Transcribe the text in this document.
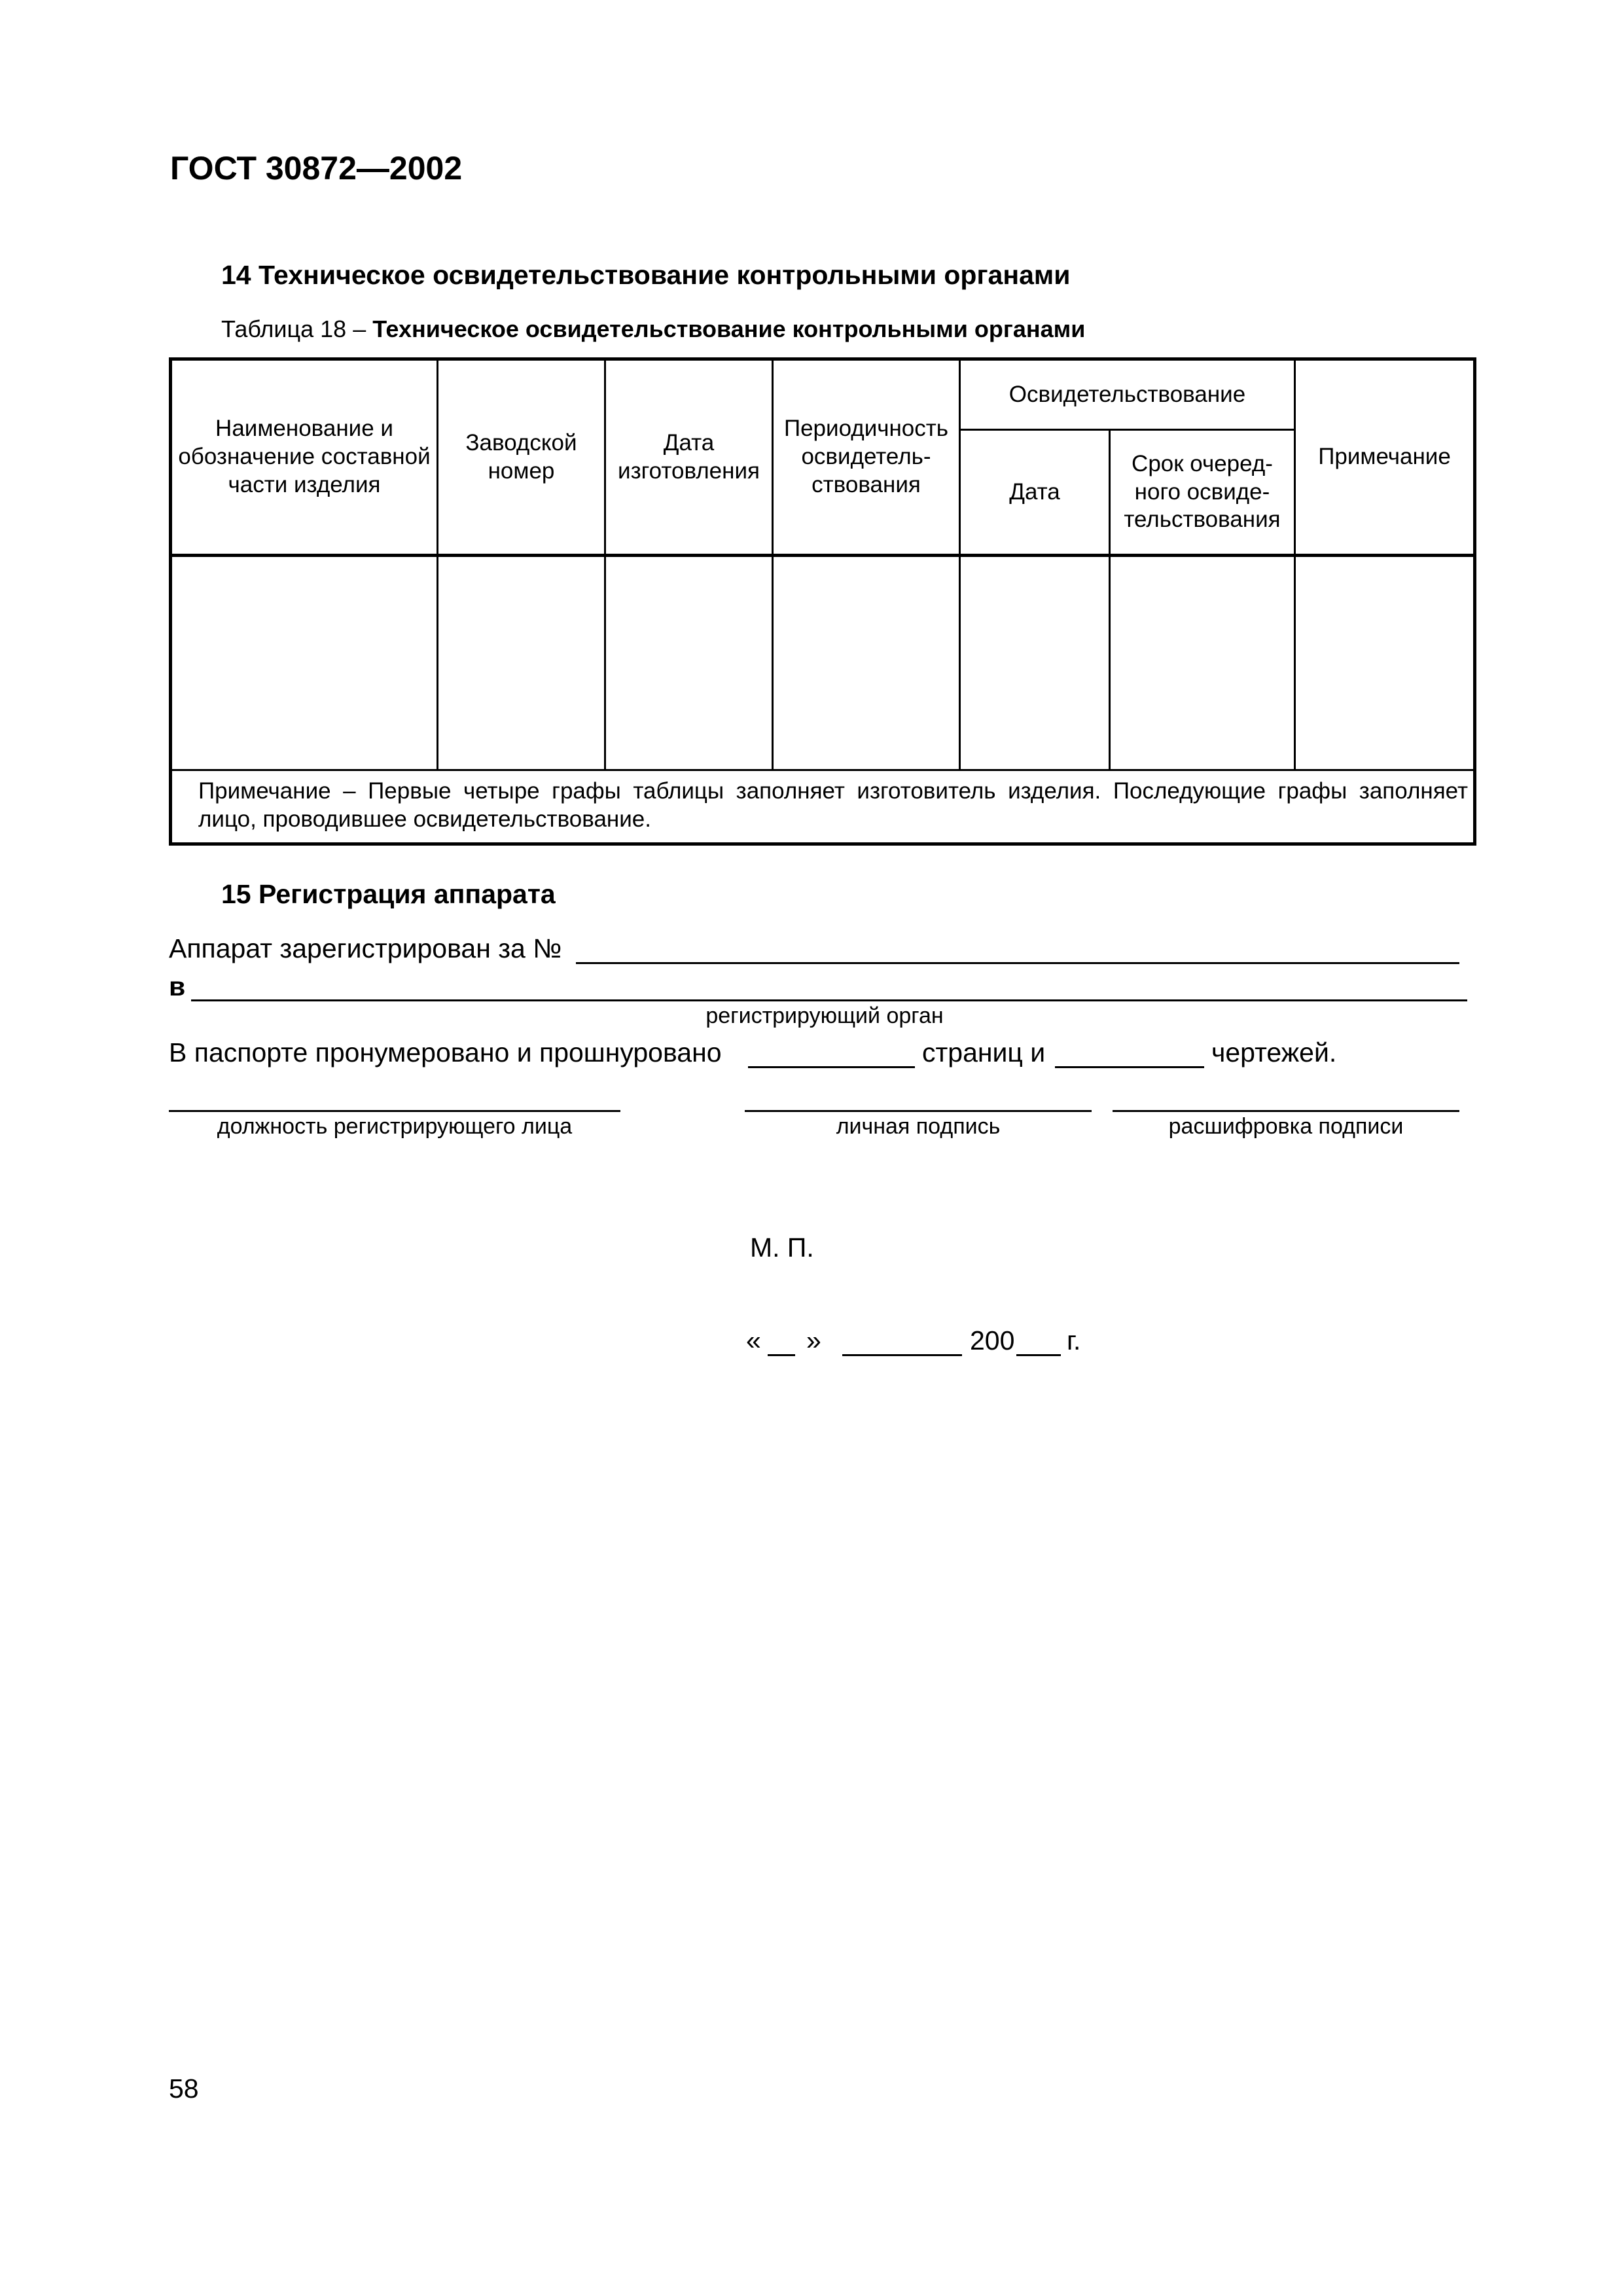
ГОСТ 30872—2002
14 Техническое освидетельствование контрольными органами
Таблица 18 – Техническое освидетельствование контрольными органами
Наименование и обозначение составной части изделия	Заводской номер	Дата изготовления	Периодичность освидетель-ствования	Освидетельствование		Примечание
				Дата	Срок очеред-ного освиде-тельствования	

Примечание – Первые четыре графы таблицы заполняет изготовитель изделия. Последующие графы заполняет лицо, проводившее освидетельствование.						
15 Регистрация аппарата
Аппарат зарегистрирован за №
в
регистрирующий орган
В паспорте пронумеровано и прошнуровано	страниц и	чертежей.
должность регистрирующего лица	личная подпись	расшифровка подписи
М. П.
« »	200 г.
58
